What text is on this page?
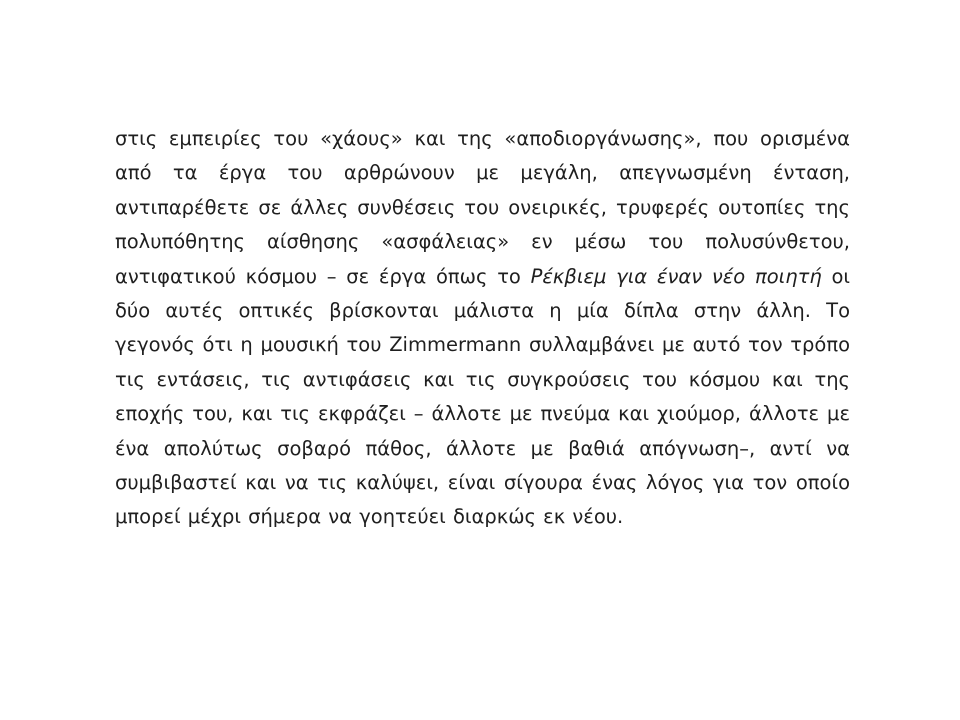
στις εμπειρίες του «χάους» και της «αποδιοργάνωσης», που ορισμένα από τα έργα του αρθρώνουν με μεγάλη, απεγνωσμένη ένταση, αντιπαρέθετε σε άλλες συνθέσεις του ονειρικές, τρυφερές ουτοπίες της πολυπόθητης αίσθησης «ασφάλειας» εν μέσω του πολυσύνθετου, αντιφατικού κόσμου – σε έργα όπως το Ρέκβιεμ για έναν νέο ποιητή οι δύο αυτές οπτικές βρίσκονται μάλιστα η μία δίπλα στην άλλη. Το γεγονός ότι η μουσική του Zimmermann συλλαμβάνει με αυτό τον τρόπο τις εντάσεις, τις αντιφάσεις και τις συγκρούσεις του κόσμου και της εποχής του, και τις εκφράζει – άλλοτε με πνεύμα και χιούμορ, άλλοτε με ένα απολύτως σοβαρό πάθος, άλλοτε με βαθιά απόγνωση–, αντί να συμβιβαστεί και να τις καλύψει, είναι σίγουρα ένας λόγος για τον οποίο μπορεί μέχρι σήμερα να γοητεύει διαρκώς εκ νέου.
